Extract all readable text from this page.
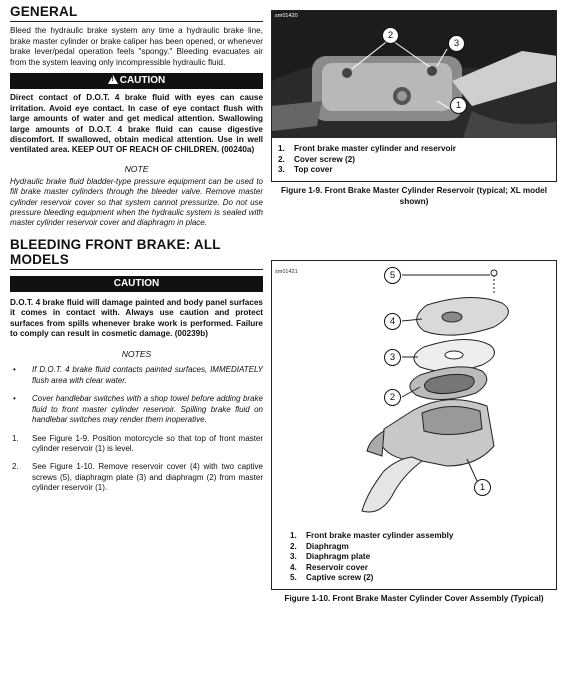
GENERAL

Bleed the hydraulic brake system any time a hydraulic brake line, brake master cylinder or brake caliper has been opened, or whenever brake lever/pedal operation feels "spongy." Bleeding evacuates air from the system leaving only incompressible hydraulic fluid.

! CAUTION

Direct contact of D.O.T. 4 brake fluid with eyes can cause irritation. Avoid eye contact. In case of eye contact flush with large amounts of water and get medical attention. Swallowing large amounts of D.O.T. 4 brake fluid can cause digestive discomfort. If swallowed, obtain medical attention. Use in well ventilated area. KEEP OUT OF REACH OF CHILDREN. (00240a)

NOTE

Hydraulic brake fluid bladder-type pressure equipment can be used to fill brake master cylinders through the bleeder valve. Remove master cylinder reservoir cover so that system cannot pressurize. Do not use pressure bleeding equipment when the hydraulic system is sealed with master cylinder reservoir cover and diaphragm in place.

BLEEDING FRONT BRAKE: ALL MODELS
CAUTION

D.O.T. 4 brake fluid will damage painted and body panel surfaces it comes in contact with. Always use caution and protect surfaces from spills whenever brake work is performed. Failure to comply can result in cosmetic damage. (00239b)

NOTES
• If D.O.T. 4 brake fluid contacts painted surfaces, IMMEDIATELY flush area with clear water.
• Cover handlebar switches with a shop towel before adding brake fluid to front master cylinder reservoir. Spilling brake fluid on handlebar switches may render them inoperative.
1. See Figure 1-9. Position motorcycle so that top of front master cylinder reservoir (1) is level.
2. See Figure 1-10. Remove reservoir cover (4) with two captive screws (5), diaphragm plate (3) and diaphragm (2) from master cylinder reservoir (1).
sm01420
2
3
1
1. Front brake master cylinder and reservoir
2. Cover screw (2)
3. Top cover
Figure 1-9. Front Brake Master Cylinder Reservoir (typical; XL model shown)
sm01421	5
4
3
2
1
1. Front brake master cylinder assembly
2. Diaphragm
3. Diaphragm plate
4. Reservoir cover
5. Captive screw (2)
Figure 1-10. Front Brake Master Cylinder Cover Assembly (Typical)
